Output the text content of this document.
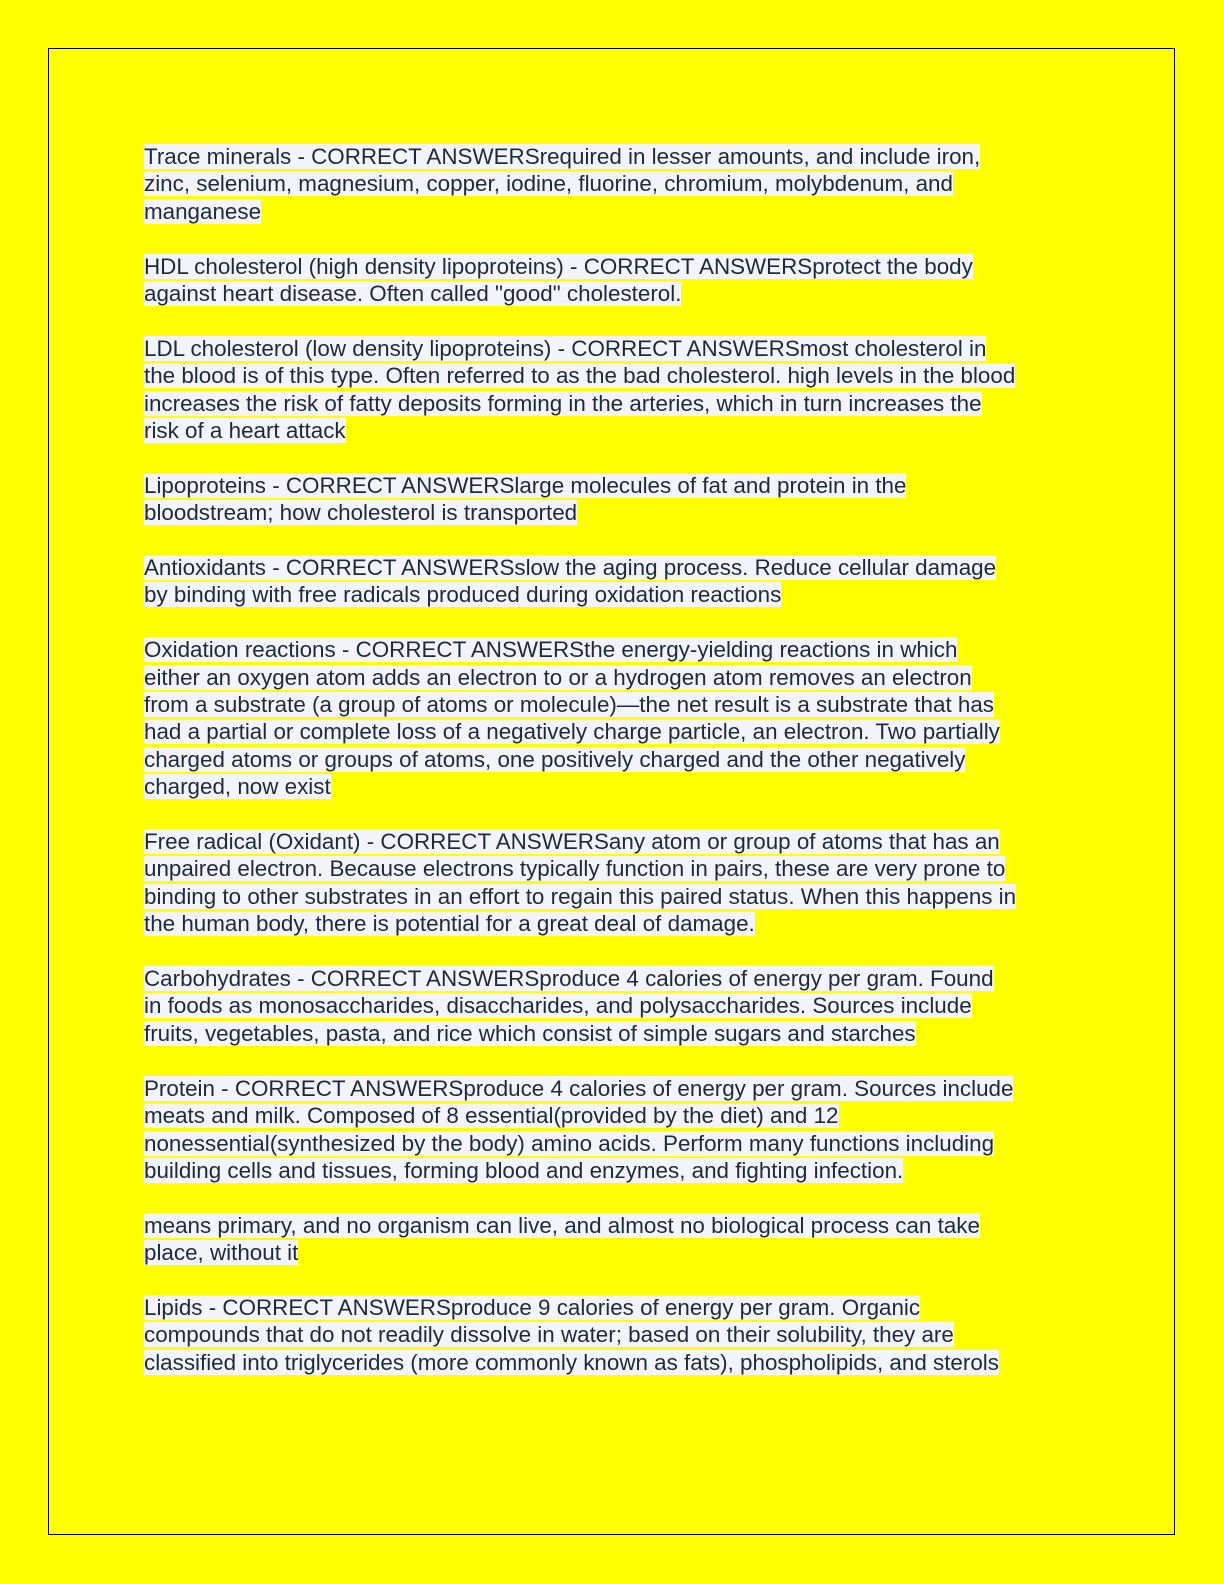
Trace minerals - CORRECT ANSWERSrequired in lesser amounts, and include iron,
zinc, selenium, magnesium, copper, iodine, fluorine, chromium, molybdenum, and
manganese
HDL cholesterol (high density lipoproteins) - CORRECT ANSWERSprotect the body
against heart disease. Often called "good" cholesterol.
LDL cholesterol (low density lipoproteins) - CORRECT ANSWERSmost cholesterol in
the blood is of this type. Often referred to as the bad cholesterol. high levels in the blood
increases the risk of fatty deposits forming in the arteries, which in turn increases the
risk of a heart attack
Lipoproteins - CORRECT ANSWERSlarge molecules of fat and protein in the
bloodstream; how cholesterol is transported
Antioxidants - CORRECT ANSWERSslow the aging process. Reduce cellular damage
by binding with free radicals produced during oxidation reactions
Oxidation reactions - CORRECT ANSWERSthe energy-yielding reactions in which
either an oxygen atom adds an electron to or a hydrogen atom removes an electron
from a substrate (a group of atoms or molecule)—the net result is a substrate that has
had a partial or complete loss of a negatively charge particle, an electron. Two partially
charged atoms or groups of atoms, one positively charged and the other negatively
charged, now exist
Free radical (Oxidant) - CORRECT ANSWERSany atom or group of atoms that has an
unpaired electron. Because electrons typically function in pairs, these are very prone to
binding to other substrates in an effort to regain this paired status. When this happens in
the human body, there is potential for a great deal of damage.
Carbohydrates - CORRECT ANSWERSproduce 4 calories of energy per gram. Found
in foods as monosaccharides, disaccharides, and polysaccharides. Sources include
fruits, vegetables, pasta, and rice which consist of simple sugars and starches
Protein - CORRECT ANSWERSproduce 4 calories of energy per gram. Sources include
meats and milk. Composed of 8 essential(provided by the diet) and 12
nonessential(synthesized by the body) amino acids. Perform many functions including
building cells and tissues, forming blood and enzymes, and fighting infection.
means primary, and no organism can live, and almost no biological process can take
place, without it
Lipids - CORRECT ANSWERSproduce 9 calories of energy per gram. Organic
compounds that do not readily dissolve in water; based on their solubility, they are
classified into triglycerides (more commonly known as fats), phospholipids, and sterols
